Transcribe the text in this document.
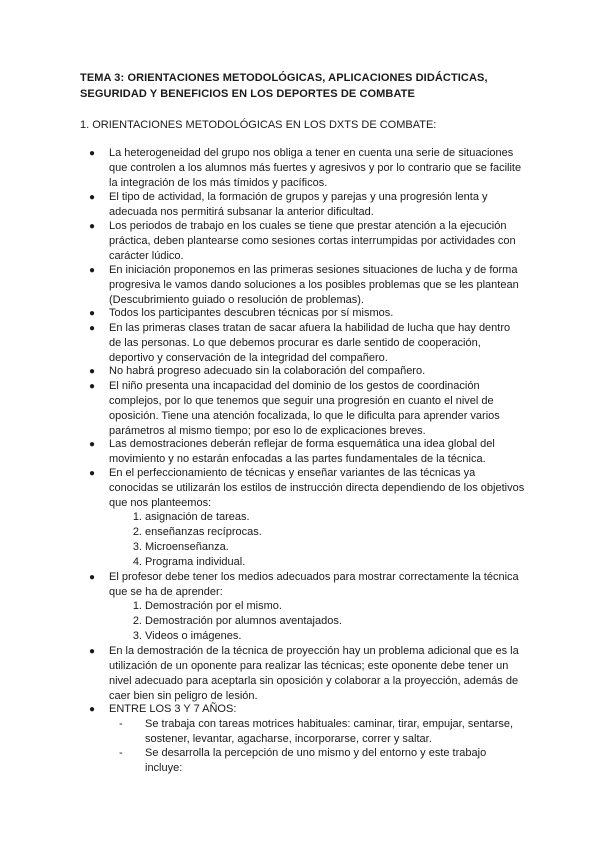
TEMA 3: ORIENTACIONES METODOLÓGICAS, APLICACIONES DIDÁCTICAS,
SEGURIDAD Y BENEFICIOS EN LOS DEPORTES DE COMBATE
1. ORIENTACIONES METODOLÓGICAS EN LOS DXTS DE COMBATE:
● La heterogeneidad del grupo nos obliga a tener en cuenta una serie de situaciones
que controlen a los alumnos más fuertes y agresivos y por lo contrario que se facilite
la integración de los más tímidos y pacíficos.
● El tipo de actividad, la formación de grupos y parejas y una progresión lenta y
adecuada nos permitirá subsanar la anterior dificultad.
● Los periodos de trabajo en los cuales se tiene que prestar atención a la ejecución
práctica, deben plantearse como sesiones cortas interrumpidas por actividades con
carácter lúdico.
● En iniciación proponemos en las primeras sesiones situaciones de lucha y de forma
progresiva le vamos dando soluciones a los posibles problemas que se les plantean
(Descubrimiento guiado o resolución de problemas).
● Todos los participantes descubren técnicas por sí mismos.
● En las primeras clases tratan de sacar afuera la habilidad de lucha que hay dentro
de las personas. Lo que debemos procurar es darle sentido de cooperación,
deportivo y conservación de la integridad del compañero.
● No habrá progreso adecuado sin la colaboración del compañero.
● El niño presenta una incapacidad del dominio de los gestos de coordinación
complejos, por lo que tenemos que seguir una progresión en cuanto el nivel de
oposición. Tiene una atención focalizada, lo que le dificulta para aprender varios
parámetros al mismo tiempo; por eso lo de explicaciones breves.
● Las demostraciones deberán reflejar de forma esquemática una idea global del
movimiento y no estarán enfocadas a las partes fundamentales de la técnica.
● En el perfeccionamiento de técnicas y enseñar variantes de las técnicas ya
conocidas se utilizarán los estilos de instrucción directa dependiendo de los objetivos
que nos planteemos:
1. asignación de tareas.
2. enseñanzas recíprocas.
3. Microenseñanza.
4. Programa individual.
● El profesor debe tener los medios adecuados para mostrar correctamente la técnica
que se ha de aprender:
1. Demostración por el mismo.
2. Demostración por alumnos aventajados.
3. Videos o imágenes.
● En la demostración de la técnica de proyección hay un problema adicional que es la
utilización de un oponente para realizar las técnicas; este oponente debe tener un
nivel adecuado para aceptarla sin oposición y colaborar a la proyección, además de
caer bien sin peligro de lesión.
● ENTRE LOS 3 Y 7 AÑOS:
- Se trabaja con tareas motrices habituales: caminar, tirar, empujar, sentarse,
sostener, levantar, agacharse, incorporarse, correr y saltar.
- Se desarrolla la percepción de uno mismo y del entorno y este trabajo
incluye:
